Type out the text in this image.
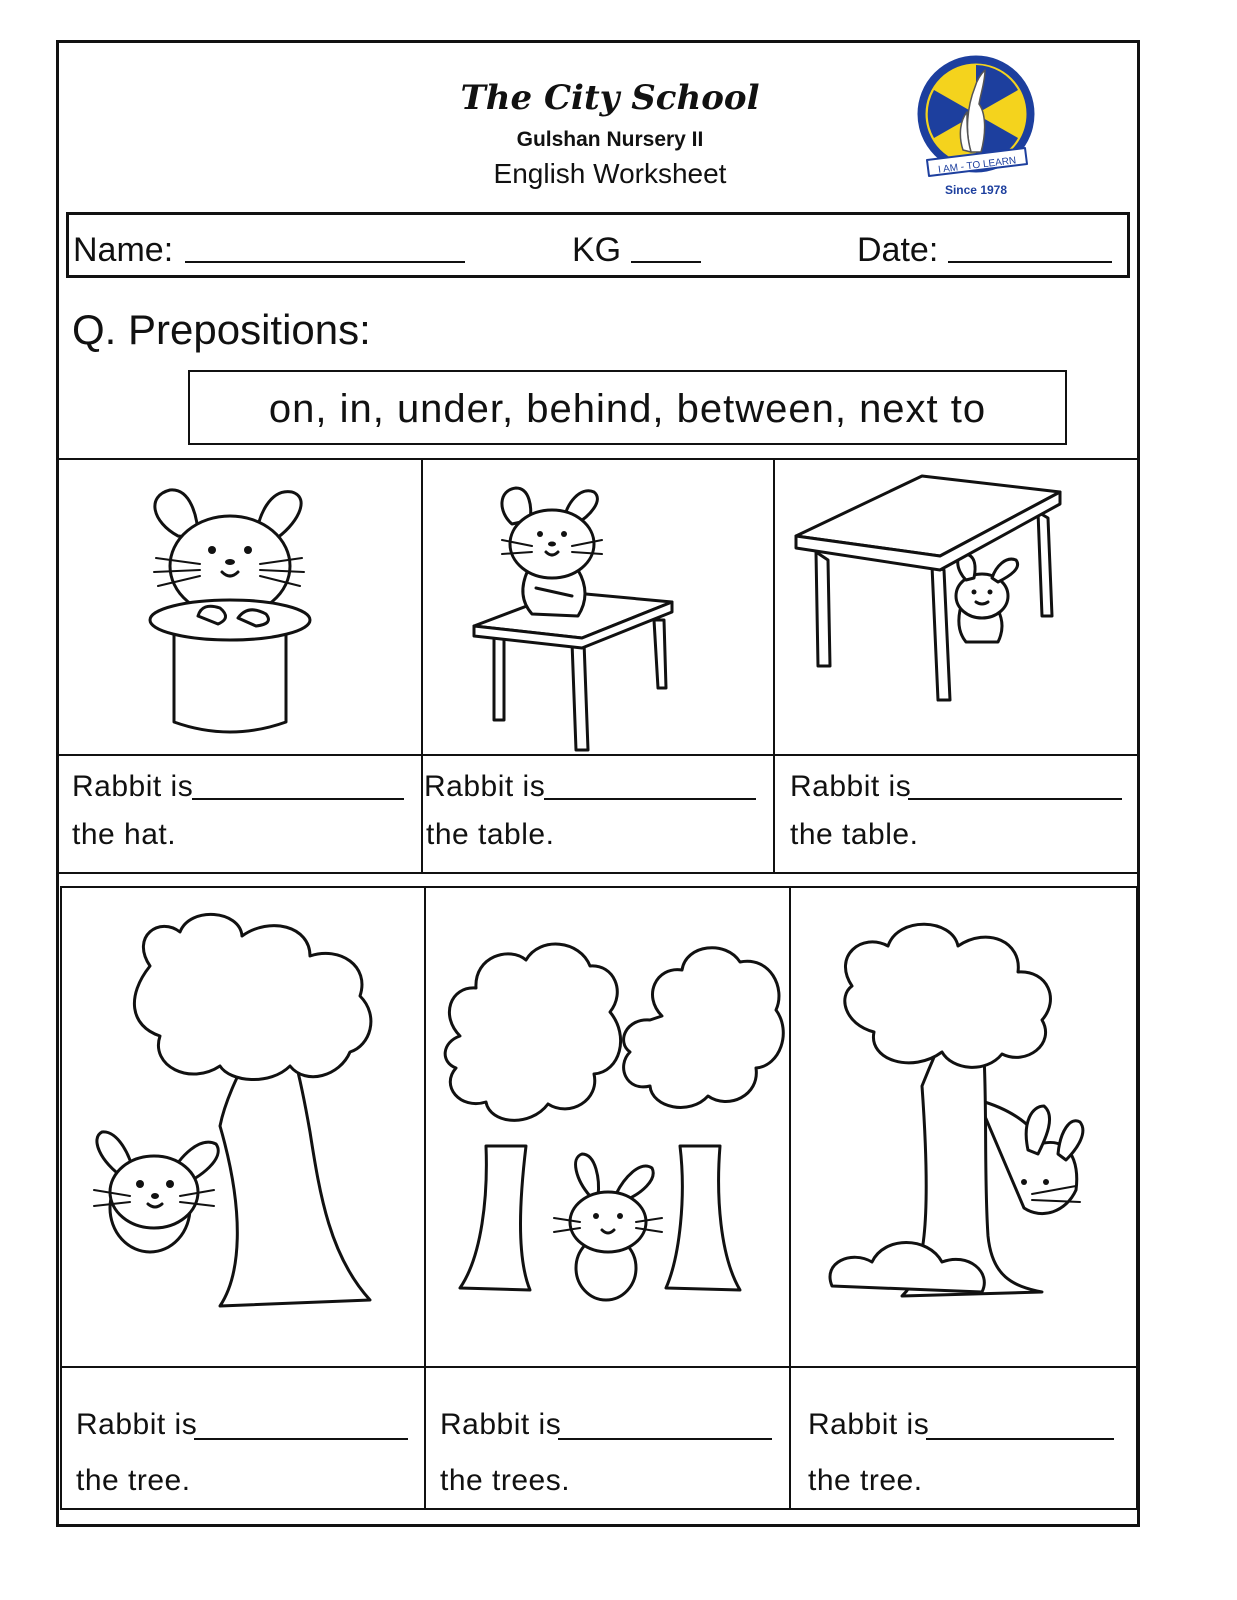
The City School
Gulshan Nursery II
English Worksheet	I AM - TO LEARN
Since 1978
Name:	KG	Date:
Q. Prepositions:
on, in, under, behind, between, next to
Rabbit is
the hat.
Rabbit is
the table.
Rabbit is
the table.
Rabbit is
the tree.
Rabbit is
the trees.
Rabbit is
the tree.
